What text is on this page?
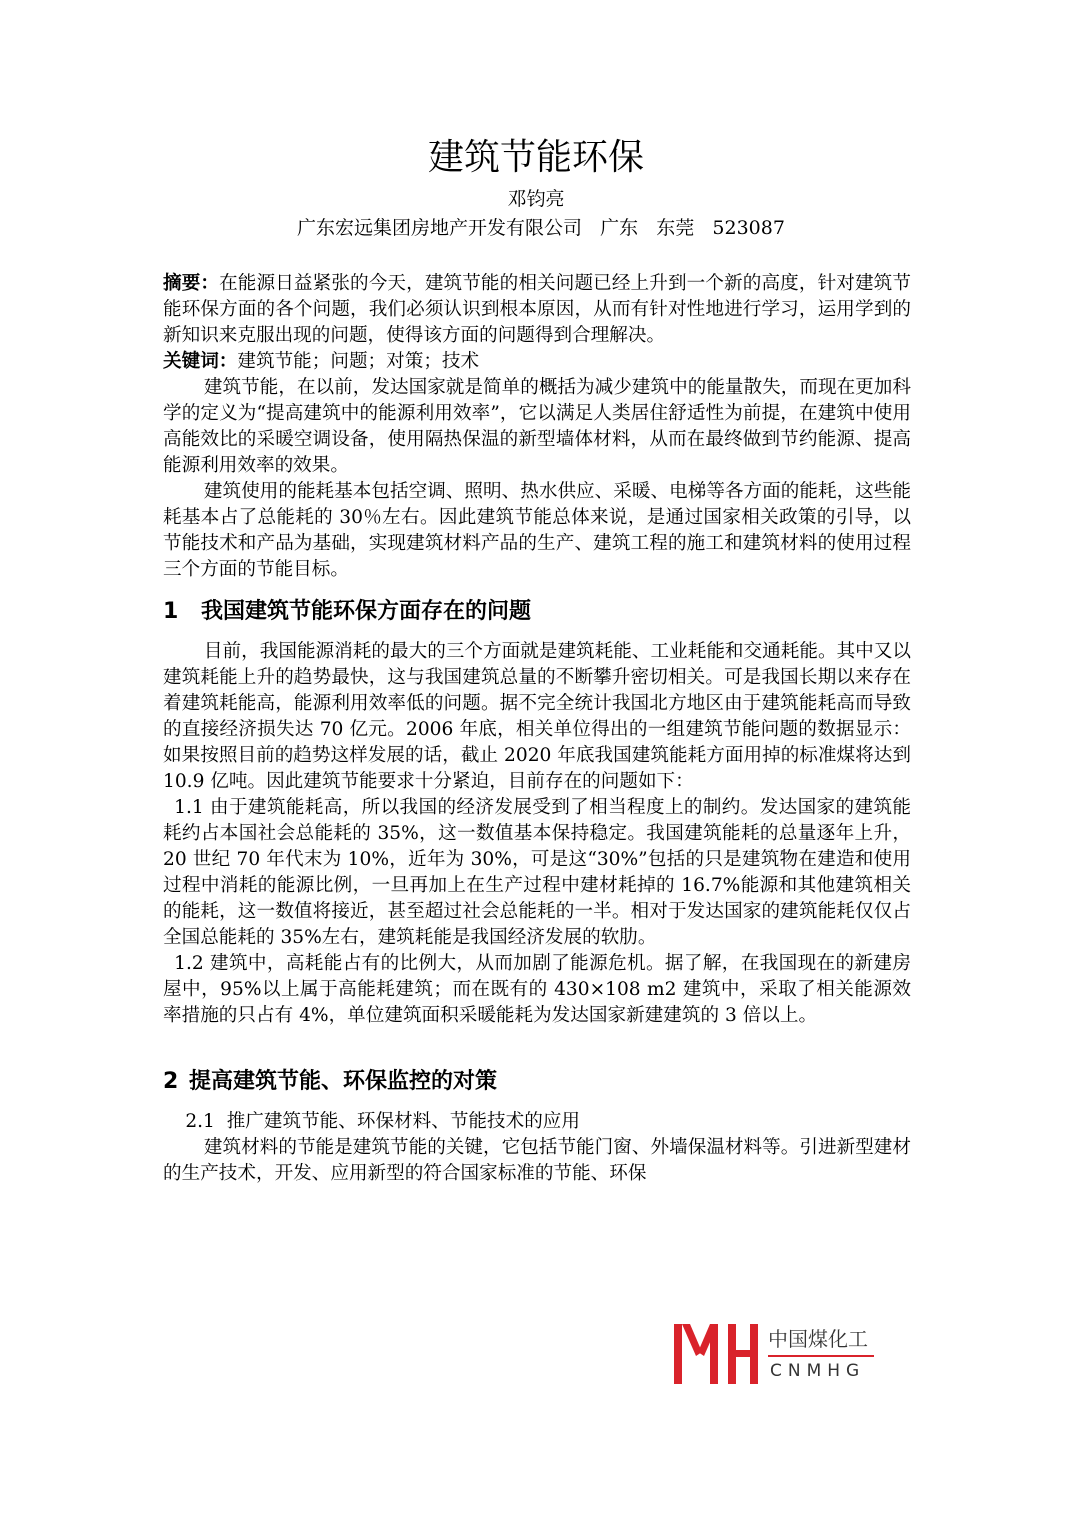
建筑节能环保
邓钧亮
广东宏远集团房地产开发有限公司   广东   东莞   523087

摘要：在能源日益紧张的今天，建筑节能的相关问题已经上升到一个新的高度，针对建筑节能环保方面的各个问题，我们必须认识到根本原因，从而有针对性地进行学习，运用学到的新知识来克服出现的问题，使得该方面的问题得到合理解决。

关键词：建筑节能；问题；对策；技术

建筑节能，在以前，发达国家就是简单的概括为减少建筑中的能量散失，而现在更加科学的定义为“提高建筑中的能源利用效率”，它以满足人类居住舒适性为前提，在建筑中使用高能效比的采暖空调设备，使用隔热保温的新型墙体材料，从而在最终做到节约能源、提高能源利用效率的效果。

建筑使用的能耗基本包括空调、照明、热水供应、采暖、电梯等各方面的能耗，这些能耗基本占了总能耗的 30％左右。因此建筑节能总体来说，是通过国家相关政策的引导，以节能技术和产品为基础，实现建筑材料产品的生产、建筑工程的施工和建筑材料的使用过程三个方面的节能目标。

1 我国建筑节能环保方面存在的问题

目前，我国能源消耗的最大的三个方面就是建筑耗能、工业耗能和交通耗能。其中又以建筑耗能上升的趋势最快，这与我国建筑总量的不断攀升密切相关。可是我国长期以来存在着建筑耗能高，能源利用效率低的问题。据不完全统计我国北方地区由于建筑能耗高而导致的直接经济损失达 70 亿元。2006 年底，相关单位得出的一组建筑节能问题的数据显示：如果按照目前的趋势这样发展的话，截止 2020 年底我国建筑能耗方面用掉的标准煤将达到 10.9 亿吨。因此建筑节能要求十分紧迫，目前存在的问题如下：

1.1 由于建筑能耗高，所以我国的经济发展受到了相当程度上的制约。发达国家的建筑能耗约占本国社会总能耗的 35%，这一数值基本保持稳定。我国建筑能耗的总量逐年上升， 20 世纪 70 年代末为 10%，近年为 30%，可是这“30%”包括的只是建筑物在建造和使用过程中消耗的能源比例，一旦再加上在生产过程中建材耗掉的 16.7%能源和其他建筑相关的能耗，这一数值将接近，甚至超过社会总能耗的一半。相对于发达国家的建筑能耗仅仅占全国总能耗的 35%左右，建筑耗能是我国经济发展的软肋。

1.2 建筑中，高耗能占有的比例大，从而加剧了能源危机。据了解，在我国现在的新建房屋中，95%以上属于高能耗建筑；而在既有的 430×108 m2 建筑中，采取了相关能源效率措施的只占有 4%，单位建筑面积采暖能耗为发达国家新建建筑的 3 倍以上。

2 提高建筑节能、环保监控的对策

2.1  推广建筑节能、环保材料、节能技术的应用

建筑材料的节能是建筑节能的关键，它包括节能门窗、外墙保温材料等。引进新型建材的生产技术，开发、应用新型的符合国家标准的节能、环保

中国煤化工
CNMHG
